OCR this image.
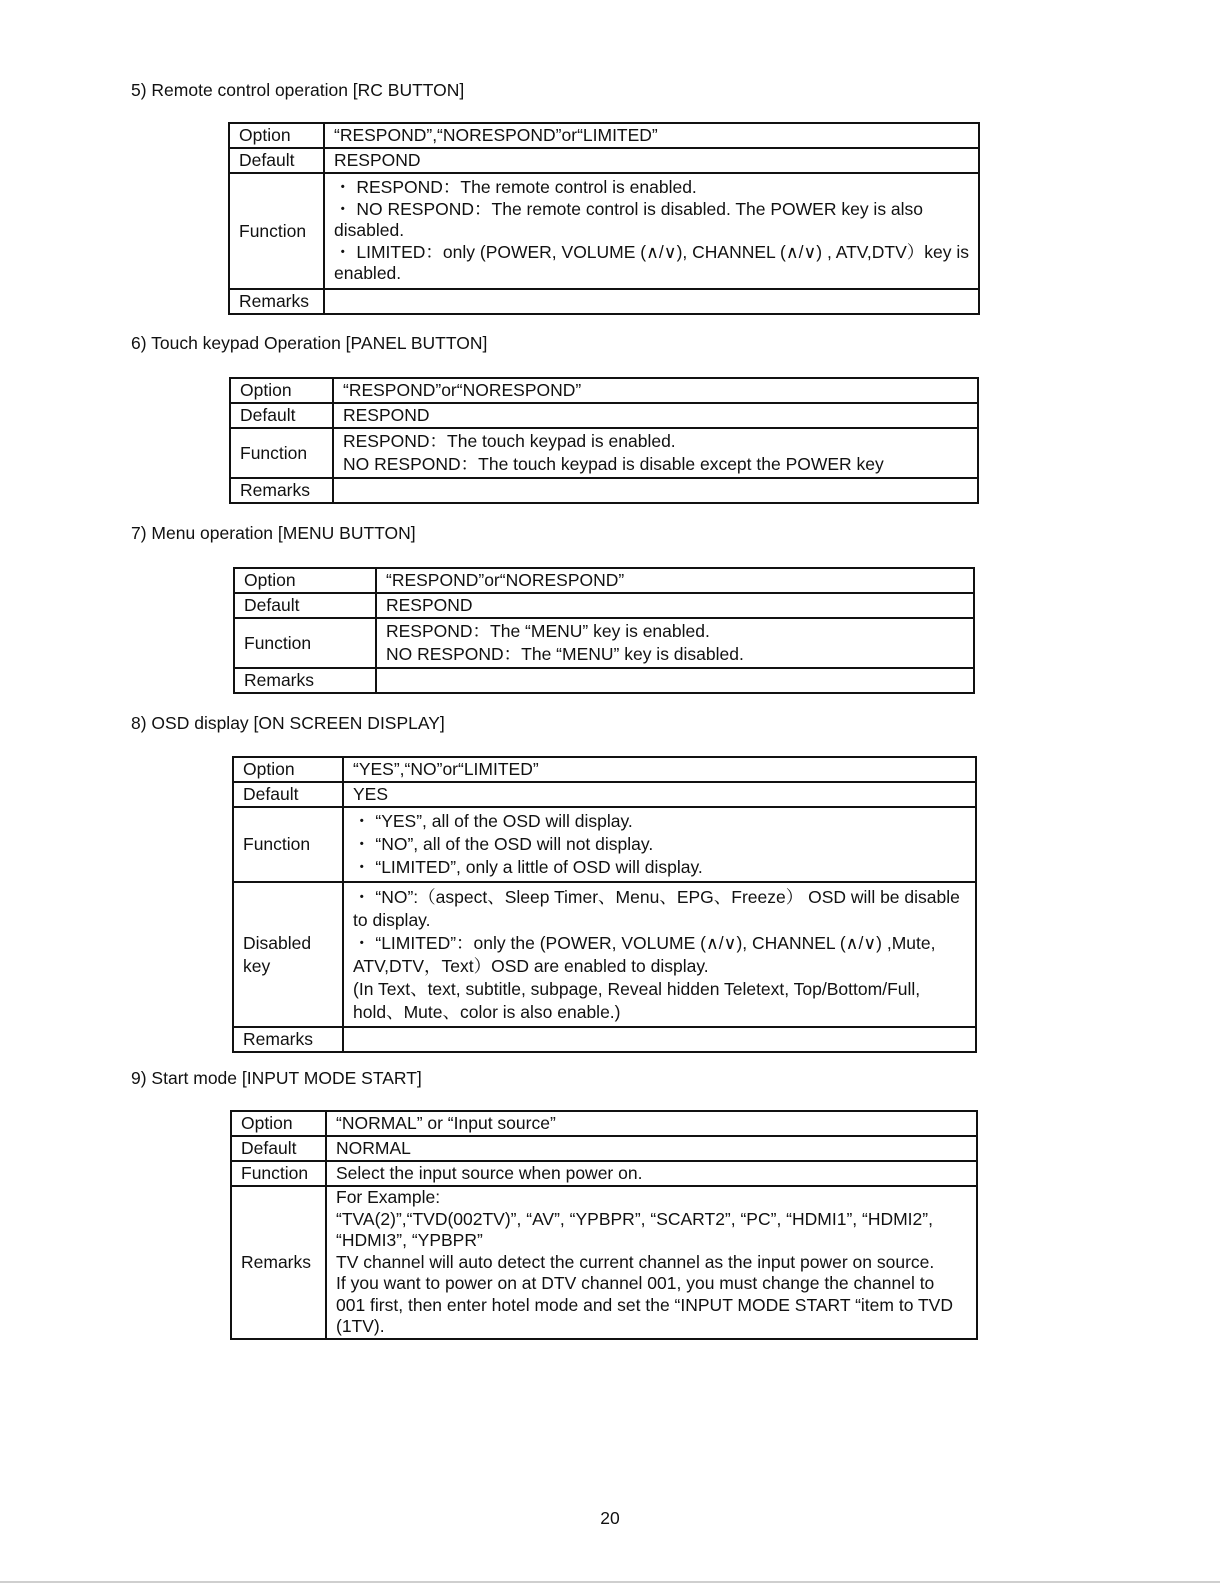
5) Remote control operation [RC BUTTON]
Option	“RESPOND”,“NORESPOND”or“LIMITED”
Default	RESPOND
Function	・ RESPOND：The remote control is enabled.
・ NO RESPOND：The remote control is disabled. The POWER key is also disabled.
・ LIMITED：only (POWER, VOLUME (∧/∨), CHANNEL (∧/∨) , ATV,DTV）key is enabled.

Remarks	
6) Touch keypad Operation [PANEL BUTTON]
Option	“RESPOND”or“NORESPOND”
Default	RESPOND
Function	RESPOND：The touch keypad is enabled.
NO RESPOND：The touch keypad is disable except the POWER key

Remarks	
7) Menu operation [MENU BUTTON]
Option	“RESPOND”or“NORESPOND”
Default	RESPOND
Function	RESPOND：The “MENU” key is enabled.
NO RESPOND：The “MENU” key is disabled.

Remarks	
8) OSD display [ON SCREEN DISPLAY]
Option	“YES”,“NO”or“LIMITED”
Default	YES
Function	・ “YES”, all of the OSD will display.
・ “NO”, all of the OSD will not display.
・ “LIMITED”, only a little of OSD will display.

Disabled
key	・ “NO”:（aspect、Sleep Timer、Menu、EPG、Freeze） OSD will be disable to display.
・ “LIMITED”：only the (POWER, VOLUME (∧/∨), CHANNEL (∧/∨) ,Mute, ATV,DTV，Text）OSD are enabled to display.
(In Text、text, subtitle, subpage, Reveal hidden Teletext, Top/Bottom/Full, hold、Mute、color is also enable.)

Remarks	
9) Start mode [INPUT MODE START]
Option	“NORMAL” or “Input source”
Default	NORMAL
Function	Select the input source when power on.
Remarks	For Example:
“TVA(2)”,“TVD(002TV)”, “AV”, “YPBPR”, “SCART2”, “PC”, “HDMI1”, “HDMI2”, “HDMI3”, “YPBPR”
TV channel will auto detect the current channel as the input power on source.
If you want to power on at DTV channel 001, you must change the channel to 001 first, then enter hotel mode and set the “INPUT MODE START “item to TVD (1TV).
20
